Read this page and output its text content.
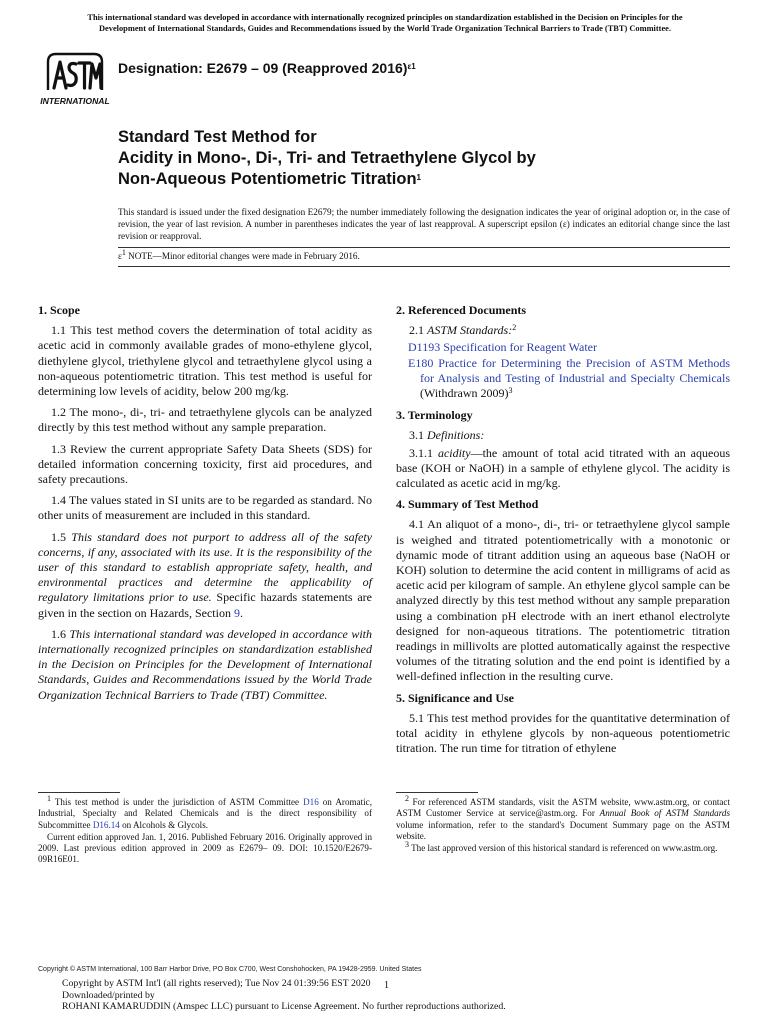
This international standard was developed in accordance with internationally recognized principles on standardization established in the Decision on Principles for the
Development of International Standards, Guides and Recommendations issued by the World Trade Organization Technical Barriers to Trade (TBT) Committee.
INTERNATIONAL
Designation: E2679 – 09 (Reapproved 2016)$^{\varepsilon 1}$
Standard Test Method for
Acidity in Mono-, Di-, Tri- and Tetraethylene Glycol by
Non-Aqueous Potentiometric Titration$^1$
This standard is issued under the fixed designation E2679; the number immediately following the designation indicates the year of original adoption or, in the case of revision, the year of last revision. A number in parentheses indicates the year of last reapproval. A superscript epsilon (ε) indicates an editorial change since the last revision or reapproval.
$\varepsilon^1$ NOTE—Minor editorial changes were made in February 2016.
1. Scope

1.1 This test method covers the determination of total acidity as acetic acid in commonly available grades of mono-ethylene glycol, diethylene glycol, triethylene glycol and tetraethylene glycol using a non-aqueous potentiometric titration. This test method is useful for determining low levels of acidity, below 200 mg/kg.

1.2 The mono-, di-, tri- and tetraethylene glycols can be analyzed directly by this test method without any sample preparation.

1.3 Review the current appropriate Safety Data Sheets (SDS) for detailed information concerning toxicity, first aid procedures, and safety precautions.

1.4 The values stated in SI units are to be regarded as standard. No other units of measurement are included in this standard.

1.5 This standard does not purport to address all of the safety concerns, if any, associated with its use. It is the responsibility of the user of this standard to establish appropriate safety, health, and environmental practices and determine the applicability of regulatory limitations prior to use. Specific hazards statements are given in the section on Hazards, Section 9.

1.6 This international standard was developed in accordance with internationally recognized principles on standardization established in the Decision on Principles for the Development of International Standards, Guides and Recommendations issued by the World Trade Organization Technical Barriers to Trade (TBT) Committee.

2. Referenced Documents
2.1 ASTM Standards:$^2$
D1193 Specification for Reagent Water
E180 Practice for Determining the Precision of ASTM Methods for Analysis and Testing of Industrial and Specialty Chemicals (Withdrawn 2009)$^3$
3. Terminology
3.1 Definitions:

3.1.1 acidity—the amount of total acid titrated with an aqueous base (KOH or NaOH) in a sample of ethylene glycol. The acidity is calculated as acetic acid in mg/kg.

4. Summary of Test Method

4.1 An aliquot of a mono-, di-, tri- or tetraethylene glycol sample is weighed and titrated potentiometrically with a monotonic or dynamic mode of titrant addition using an aqueous base (NaOH or KOH) solution to determine the acid content in milligrams of acid as acetic acid per kilogram of sample. An ethylene glycol sample can be analyzed directly by this test method without any sample preparation using a combination pH electrode with an inert ethanol electrolyte designed for non-aqueous titrations. The potentiometric titration readings in millivolts are plotted automatically against the respective volumes of the titrating solution and the end point is identified by a well-defined inflection in the resulting curve.

5. Significance and Use

5.1 This test method provides for the quantitative determination of total acidity in ethylene glycols by non-aqueous potentiometric titration. The run time for titration of ethylene

$^1$ This test method is under the jurisdiction of ASTM Committee D16 on Aromatic, Industrial, Specialty and Related Chemicals and is the direct responsibility of Subcommittee D16.14 on Alcohols & Glycols.

Current edition approved Jan. 1, 2016. Published February 2016. Originally approved in 2009. Last previous edition approved in 2009 as E2679– 09. DOI: 10.1520/E2679-09R16E01.

$^2$ For referenced ASTM standards, visit the ASTM website, www.astm.org, or contact ASTM Customer Service at service@astm.org. For Annual Book of ASTM Standards volume information, refer to the standard's Document Summary page on the ASTM website.

$^3$ The last approved version of this historical standard is referenced on www.astm.org.

Copyright © ASTM International, 100 Barr Harbor Drive, PO Box C700, West Conshohocken, PA 19428-2959. United States
Copyright by ASTM Int'l (all rights reserved); Tue Nov 24 01:39:56 EST 2020
Downloaded/printed by
ROHANI KAMARUDDIN (Amspec LLC) pursuant to License Agreement. No further reproductions authorized.
1
